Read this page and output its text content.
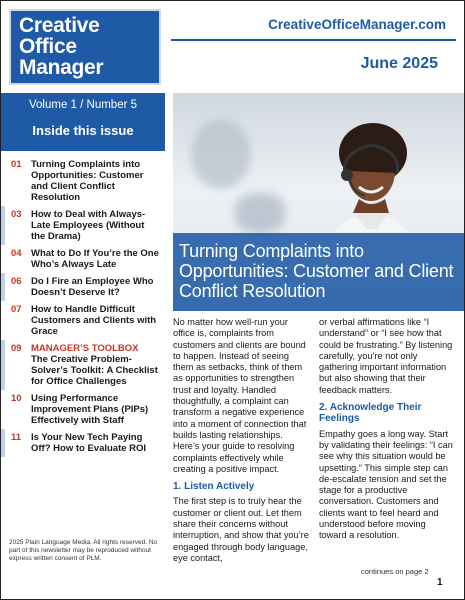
Creative
Office
Manager
CreativeOfficeManager.com
June 2025
Volume 1 / Number 5
Inside this issue
01 Turning Complaints into Opportunities: Customer and Client Conflict Resolution
03 How to Deal with Always-Late Employees (Without the Drama)
04 What to Do If You’re the One Who’s Always Late
06 Do I Fire an Employee Who Doesn’t Deserve It?
07 How to Handle Difficult Customers and Clients with Grace
09 MANAGER’S TOOLBOX
The Creative Problem-Solver’s Toolkit: A Checklist for Office Challenges
10 Using Performance Improvement Plans (PIPs) Effectively with Staff
11	Is Your New Tech Paying Off? How to Evaluate ROI
2025 Plain Language Media. All rights reserved. No part of this newsletter may be reproduced without express written consent of PLM.
Turning Complaints into Opportunities: Customer and Client Conflict Resolution

No matter how well-run your office is, complaints from customers and clients are bound to happen. Instead of seeing them as setbacks, think of them as opportunities to strengthen trust and loyalty. Handled thoughtfully, a complaint can transform a negative experience into a moment of connection that builds lasting relationships. Here’s your guide to resolving complaints effectively while creating a positive impact.

1. Listen Actively

The first step is to truly hear the customer or client out. Let them share their concerns without interruption, and show that you’re engaged through body language, eye contact,

or verbal affirmations like “I understand” or “I see how that could be frustrating.” By listening carefully, you’re not only gathering important information but also showing that their feedback matters.

2. Acknowledge Their Feelings

Empathy goes a long way. Start by validating their feelings: “I can see why this situation would be upsetting.” This simple step can de-escalate tension and set the stage for a productive conversation. Customers and clients want to feel heard and understood before moving toward a resolution.

continues on page 2
1
